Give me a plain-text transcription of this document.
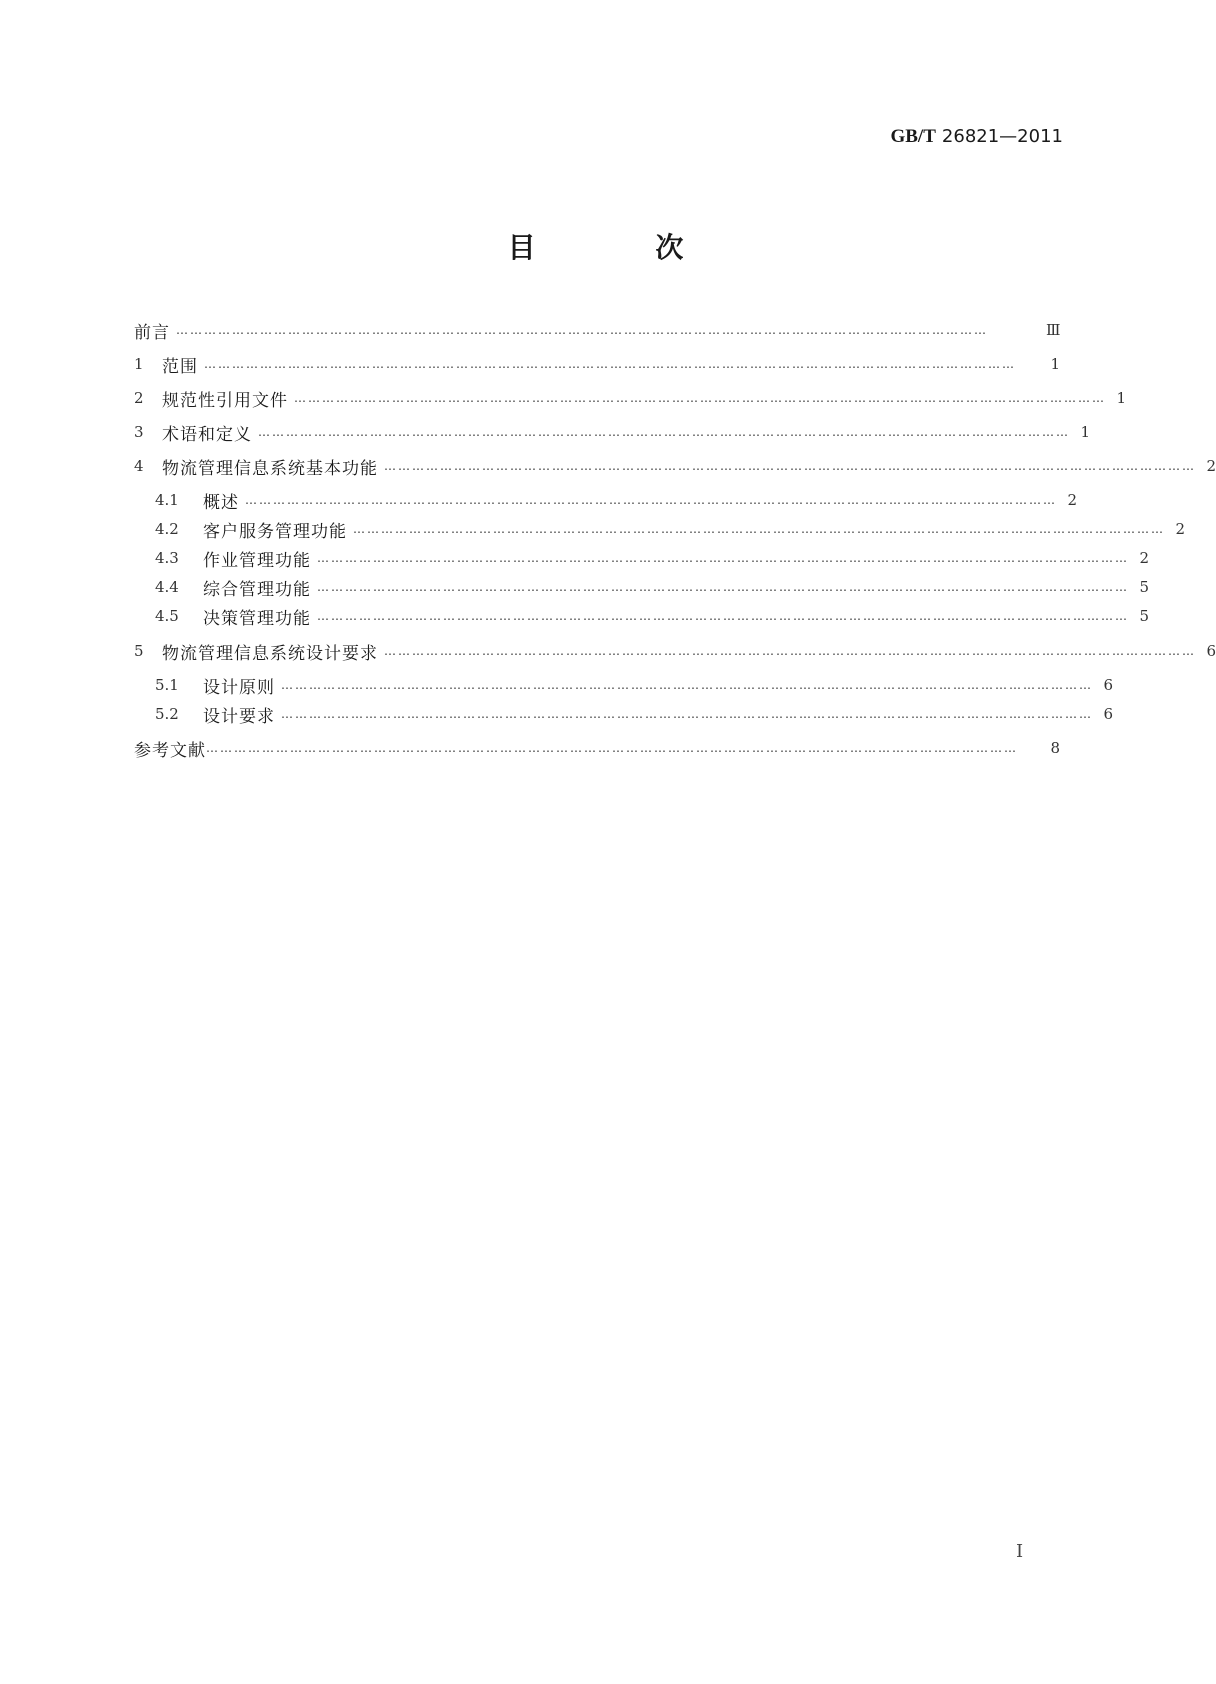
GB/T 26821—2011
目 次
前言 …………………………………………………………………………………………………………………………………………………………	Ⅲ
1	范围 …………………………………………………………………………………………………………………………………………………………	1
2	规范性引用文件 ………………………………………………………………………………………………………………………………………………………… 1
3	术语和定义 ………………………………………………………………………………………………………………………………………………………… 1
4	物流管理信息系统基本功能 ………………………………………………………………………………………………………………………………………………………… 2
4.1	概述 ………………………………………………………………………………………………………………………………………………………… 2
4.2	客户服务管理功能 ………………………………………………………………………………………………………………………………………………………… 2
4.3	作业管理功能 ………………………………………………………………………………………………………………………………………………………… 2
4.4	综合管理功能 ………………………………………………………………………………………………………………………………………………………… 5
4.5	决策管理功能 ………………………………………………………………………………………………………………………………………………………… 5
5	物流管理信息系统设计要求 ………………………………………………………………………………………………………………………………………………………… 6
5.1	设计原则 ………………………………………………………………………………………………………………………………………………………… 6
5.2	设计要求 ………………………………………………………………………………………………………………………………………………………… 6
参考文献 …………………………………………………………………………………………………………………………………………………………	8
I
